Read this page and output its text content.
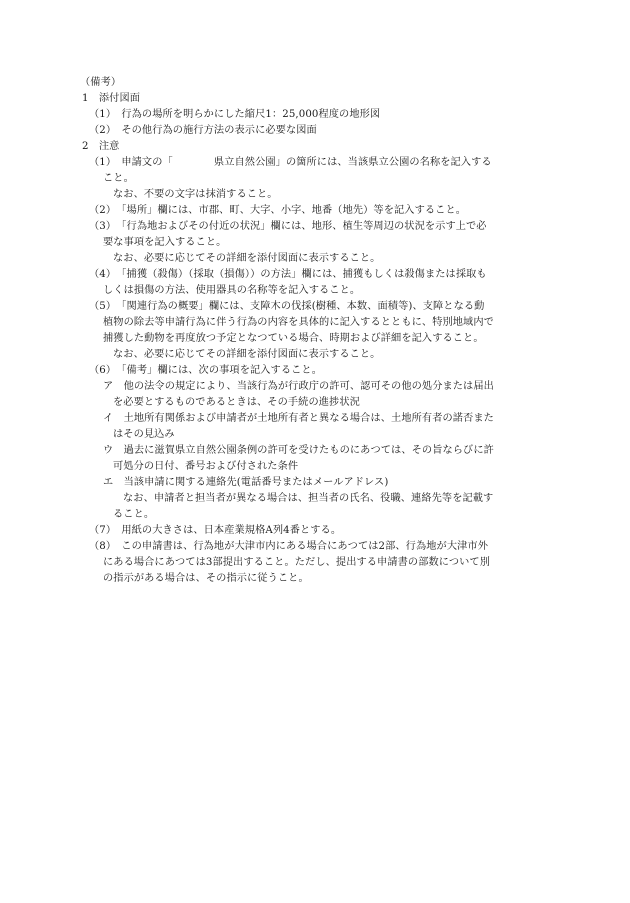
（備考）
1　添付図面
（1）　行為の場所を明らかにした縮尺1：25,000程度の地形図
（2）　その他行為の施行方法の表示に必要な図面
2　注意
（1）　申請文の「　　　　県立自然公園」の箇所には、当該県立公園の名称を記入する
こと。
なお、不要の文字は抹消すること。
（2）　「場所」欄には、市郡、町、大字、小字、地番（地先）等を記入すること。
（3）　「行為地およびその付近の状況」欄には、地形、植生等周辺の状況を示す上で必
要な事項を記入すること。
なお、必要に応じてその詳細を添付図面に表示すること。
（4）　「捕獲（殺傷）（採取（損傷））の方法」欄には、捕獲もしくは殺傷または採取も
しくは損傷の方法、使用器具の名称等を記入すること。
（5）　「関連行為の概要」欄には、支障木の伐採(樹種、本数、面積等)、支障となる動
植物の除去等申請行為に伴う行為の内容を具体的に記入するとともに、特別地域内で
捕獲した動物を再度放つ予定となつている場合、時期および詳細を記入すること。
なお、必要に応じてその詳細を添付図面に表示すること。
（6）　「備考」欄には、次の事項を記入すること。
ア　他の法令の規定により、当該行為が行政庁の許可、認可その他の処分または届出
を必要とするものであるときは、その手続の進捗状況
イ　土地所有関係および申請者が土地所有者と異なる場合は、土地所有者の諾否また
はその見込み
ウ　過去に滋賀県立自然公園条例の許可を受けたものにあつては、その旨ならびに許
可処分の日付、番号および付された条件
エ　当該申請に関する連絡先(電話番号またはメールアドレス)
なお、申請者と担当者が異なる場合は、担当者の氏名、役職、連絡先等を記載す
ること。
（7）　用紙の大きさは、日本産業規格A列4番とする。
（8）　この申請書は、行為地が大津市内にある場合にあつては2部、行為地が大津市外
にある場合にあつては3部提出すること。ただし、提出する申請書の部数について別
の指示がある場合は、その指示に従うこと。
